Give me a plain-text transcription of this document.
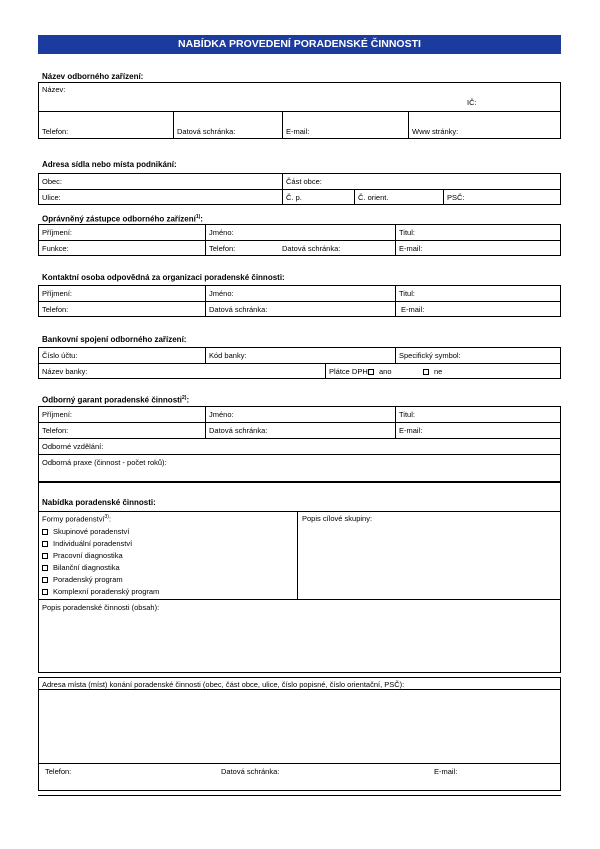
NABÍDKA PROVEDENÍ PORADENSKÉ ČINNOSTI
Název odborného zařízení:
Název:
IČ:
Telefon:	Datová schránka:	E-mail:	Www stránky:
Adresa sídla nebo místa podnikání:
Obec:	Část obce:
Ulice:	Č. p.	Č. orient.	PSČ:
Oprávněný zástupce odborného zařízení$^{1)}$:
Příjmení:	Jméno:	Titul:
Funkce:	Telefon:	Datová schránka:	E-mail:
Kontaktní osoba odpovědná za organizaci poradenské činnosti:
Příjmení:	Jméno:	Titul:
Telefon:	Datová schránka:	E-mail:
Bankovní spojení odborného zařízení:
Číslo účtu:	Kód banky:	Specifický symbol:
Název banky:	Plátce DPH:	ano	ne
Odborný garant poradenské činnosti$^{2)}$:
Příjmení:	Jméno:	Titul:
Telefon:	Datová schránka:	E-mail:
Odborné vzdělání:
Odborná praxe (činnost - počet roků):
Nabídka poradenské činnosti:
Formy poradenství$^{3)}$:	Popis cílové skupiny:
Skupinové poradenství
Individuální poradenství
Pracovní diagnostika
Bilanční diagnostika
Poradenský program
Komplexní poradenský program
Popis poradenské činnosti (obsah):
Adresa místa (míst) konání poradenské činnosti (obec, část obce, ulice, číslo popisné, číslo orientační, PSČ):
Telefon:	Datová schránka:	E-mail:
